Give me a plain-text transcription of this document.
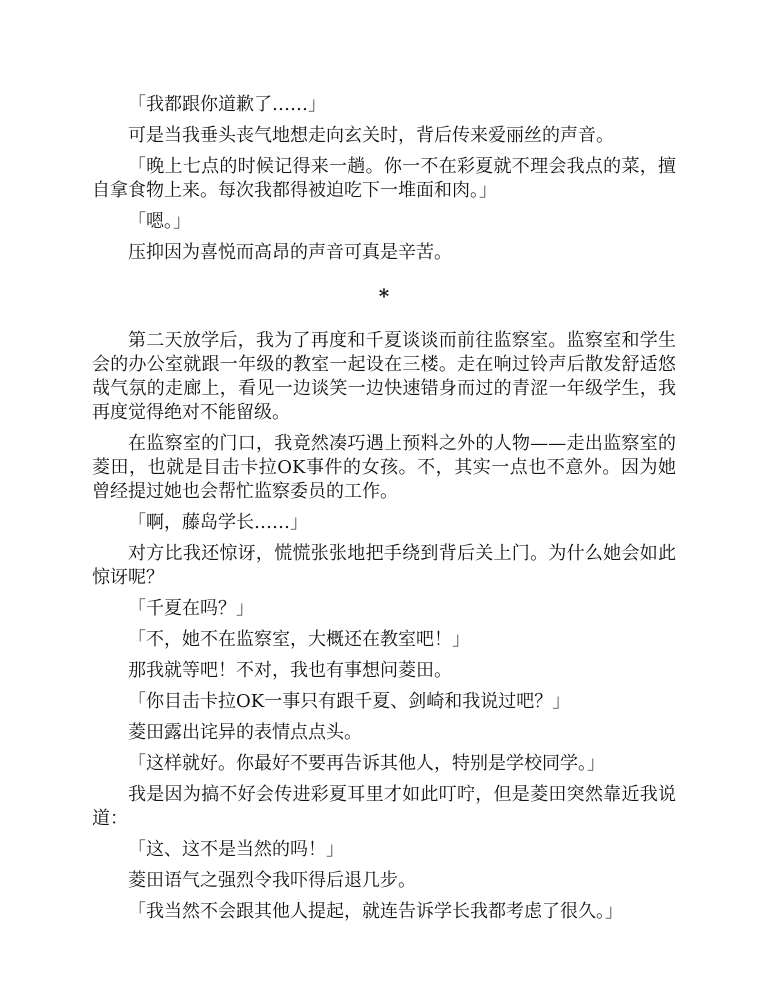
「我都跟你道歉了……」

可是当我垂头丧气地想走向玄关时，背后传来爱丽丝的声音。

「晚上七点的时候记得来一趟。你一不在彩夏就不理会我点的菜，擅自拿食物上来。每次我都得被迫吃下一堆面和肉。」

「嗯。」

压抑因为喜悦而高昂的声音可真是辛苦。

*

第二天放学后，我为了再度和千夏谈谈而前往监察室。监察室和学生会的办公室就跟一年级的教室一起设在三楼。走在响过铃声后散发舒适悠哉气氛的走廊上，看见一边谈笑一边快速错身而过的青涩一年级学生，我再度觉得绝对不能留级。

在监察室的门口，我竟然凑巧遇上预料之外的人物——走出监察室的菱田，也就是目击卡拉OK事件的女孩。不，其实一点也不意外。因为她曾经提过她也会帮忙监察委员的工作。

「啊，藤岛学长……」

对方比我还惊讶，慌慌张张地把手绕到背后关上门。为什么她会如此惊讶呢？

「千夏在吗？」

「不，她不在监察室，大概还在教室吧！」

那我就等吧！不对，我也有事想问菱田。

「你目击卡拉OK一事只有跟千夏、剑崎和我说过吧？」

菱田露出诧异的表情点点头。

「这样就好。你最好不要再告诉其他人，特别是学校同学。」

我是因为搞不好会传进彩夏耳里才如此叮咛，但是菱田突然靠近我说道：

「这、这不是当然的吗！」

菱田语气之强烈令我吓得后退几步。

「我当然不会跟其他人提起，就连告诉学长我都考虑了很久。」
